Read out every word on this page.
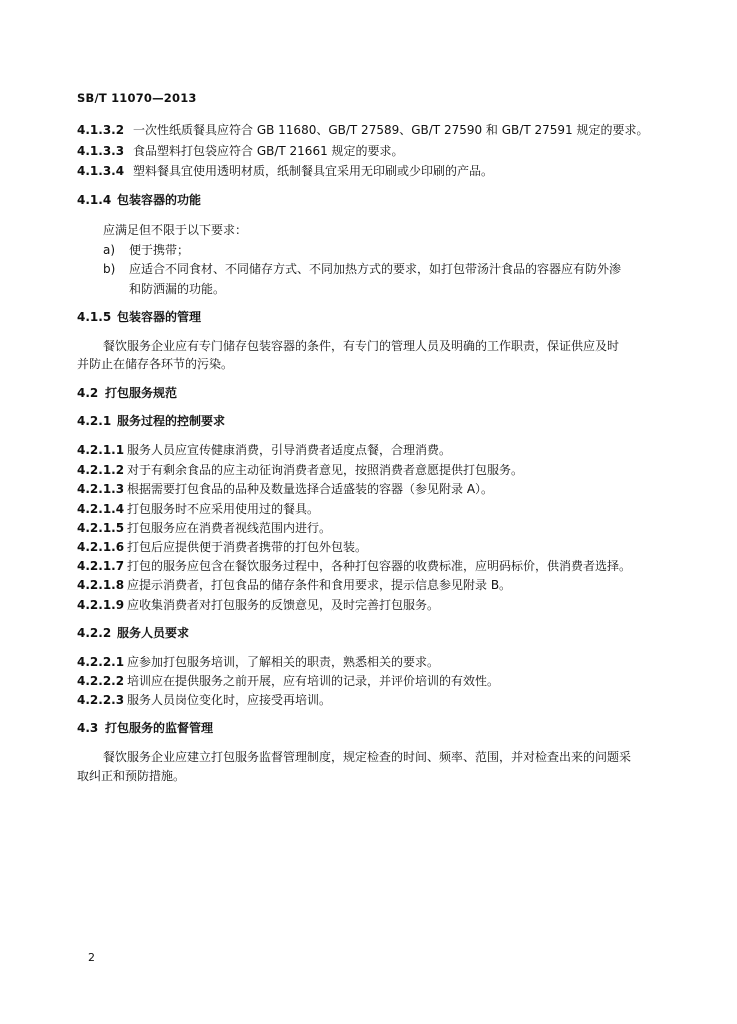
SB/T 11070—2013
4.1.3.2 一次性纸质餐具应符合 GB 11680、GB/T 27589、GB/T 27590 和 GB/T 27591 规定的要求。
4.1.3.3 食品塑料打包袋应符合 GB/T 21661 规定的要求。
4.1.3.4 塑料餐具宜使用透明材质，纸制餐具宜采用无印刷或少印刷的产品。
4.1.4 包装容器的功能
应满足但不限于以下要求：
a) 便于携带；
b) 应适合不同食材、不同储存方式、不同加热方式的要求，如打包带汤汁食品的容器应有防外渗
和防洒漏的功能。
4.1.5 包装容器的管理
餐饮服务企业应有专门储存包装容器的条件，有专门的管理人员及明确的工作职责，保证供应及时
并防止在储存各环节的污染。
4.2 打包服务规范
4.2.1 服务过程的控制要求
4.2.1.1 服务人员应宣传健康消费，引导消费者适度点餐，合理消费。
4.2.1.2 对于有剩余食品的应主动征询消费者意见，按照消费者意愿提供打包服务。
4.2.1.3 根据需要打包食品的品种及数量选择合适盛装的容器（参见附录 A）。
4.2.1.4 打包服务时不应采用使用过的餐具。
4.2.1.5 打包服务应在消费者视线范围内进行。
4.2.1.6 打包后应提供便于消费者携带的打包外包装。
4.2.1.7 打包的服务应包含在餐饮服务过程中，各种打包容器的收费标准，应明码标价，供消费者选择。
4.2.1.8 应提示消费者，打包食品的储存条件和食用要求，提示信息参见附录 B。
4.2.1.9 应收集消费者对打包服务的反馈意见，及时完善打包服务。
4.2.2 服务人员要求
4.2.2.1 应参加打包服务培训，了解相关的职责，熟悉相关的要求。
4.2.2.2 培训应在提供服务之前开展，应有培训的记录，并评价培训的有效性。
4.2.2.3 服务人员岗位变化时，应接受再培训。
4.3 打包服务的监督管理
餐饮服务企业应建立打包服务监督管理制度，规定检查的时间、频率、范围，并对检查出来的问题采
取纠正和预防措施。
2
